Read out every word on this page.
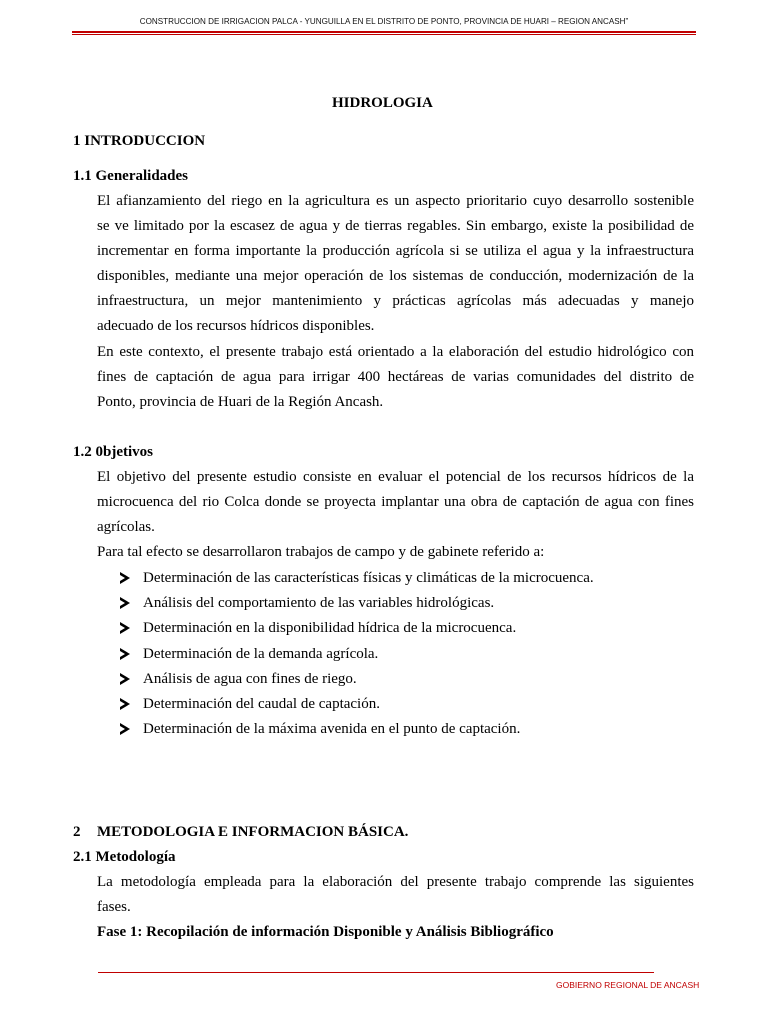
CONSTRUCCION DE IRRIGACION PALCA - YUNGUILLA EN EL DISTRITO DE PONTO, PROVINCIA DE HUARI – REGION ANCASH”
HIDROLOGIA
1 INTRODUCCION
1.1 Generalidades
El afianzamiento del riego en la agricultura es un aspecto prioritario cuyo desarrollo sostenible
se ve limitado por la escasez de agua y de tierras regables. Sin embargo, existe la posibilidad de
incrementar en forma importante la producción agrícola si se utiliza el agua y la infraestructura
disponibles, mediante una mejor operación de los sistemas de conducción, modernización de la
infraestructura, un mejor mantenimiento y prácticas agrícolas más adecuadas y manejo
adecuado de los recursos hídricos disponibles.
En este contexto, el presente trabajo está orientado a la elaboración del estudio hidrológico con
fines de captación de agua para irrigar 400 hectáreas de varias comunidades del distrito de
Ponto, provincia de Huari de la Región Ancash.
1.2 0bjetivos
El objetivo del presente estudio consiste en evaluar el potencial de los recursos hídricos de la
microcuenca del rio Colca donde se proyecta implantar una obra de captación de agua con fines
agrícolas.
Para tal efecto se desarrollaron trabajos de campo y de gabinete referido a:
Determinación de las características físicas y climáticas de la microcuenca.
Análisis del comportamiento de las variables hidrológicas.
Determinación en la disponibilidad hídrica de la microcuenca.
Determinación de la demanda agrícola.
Análisis de agua con fines de riego.
Determinación del caudal de captación.
Determinación de la máxima avenida en el punto de captación.
2 METODOLOGIA E INFORMACION BÁSICA.
2.1 Metodología
La metodología empleada para la elaboración del presente trabajo comprende las siguientes
fases.
Fase 1: Recopilación de información Disponible y Análisis Bibliográfico
GOBIERNO REGIONAL DE ANCASH
